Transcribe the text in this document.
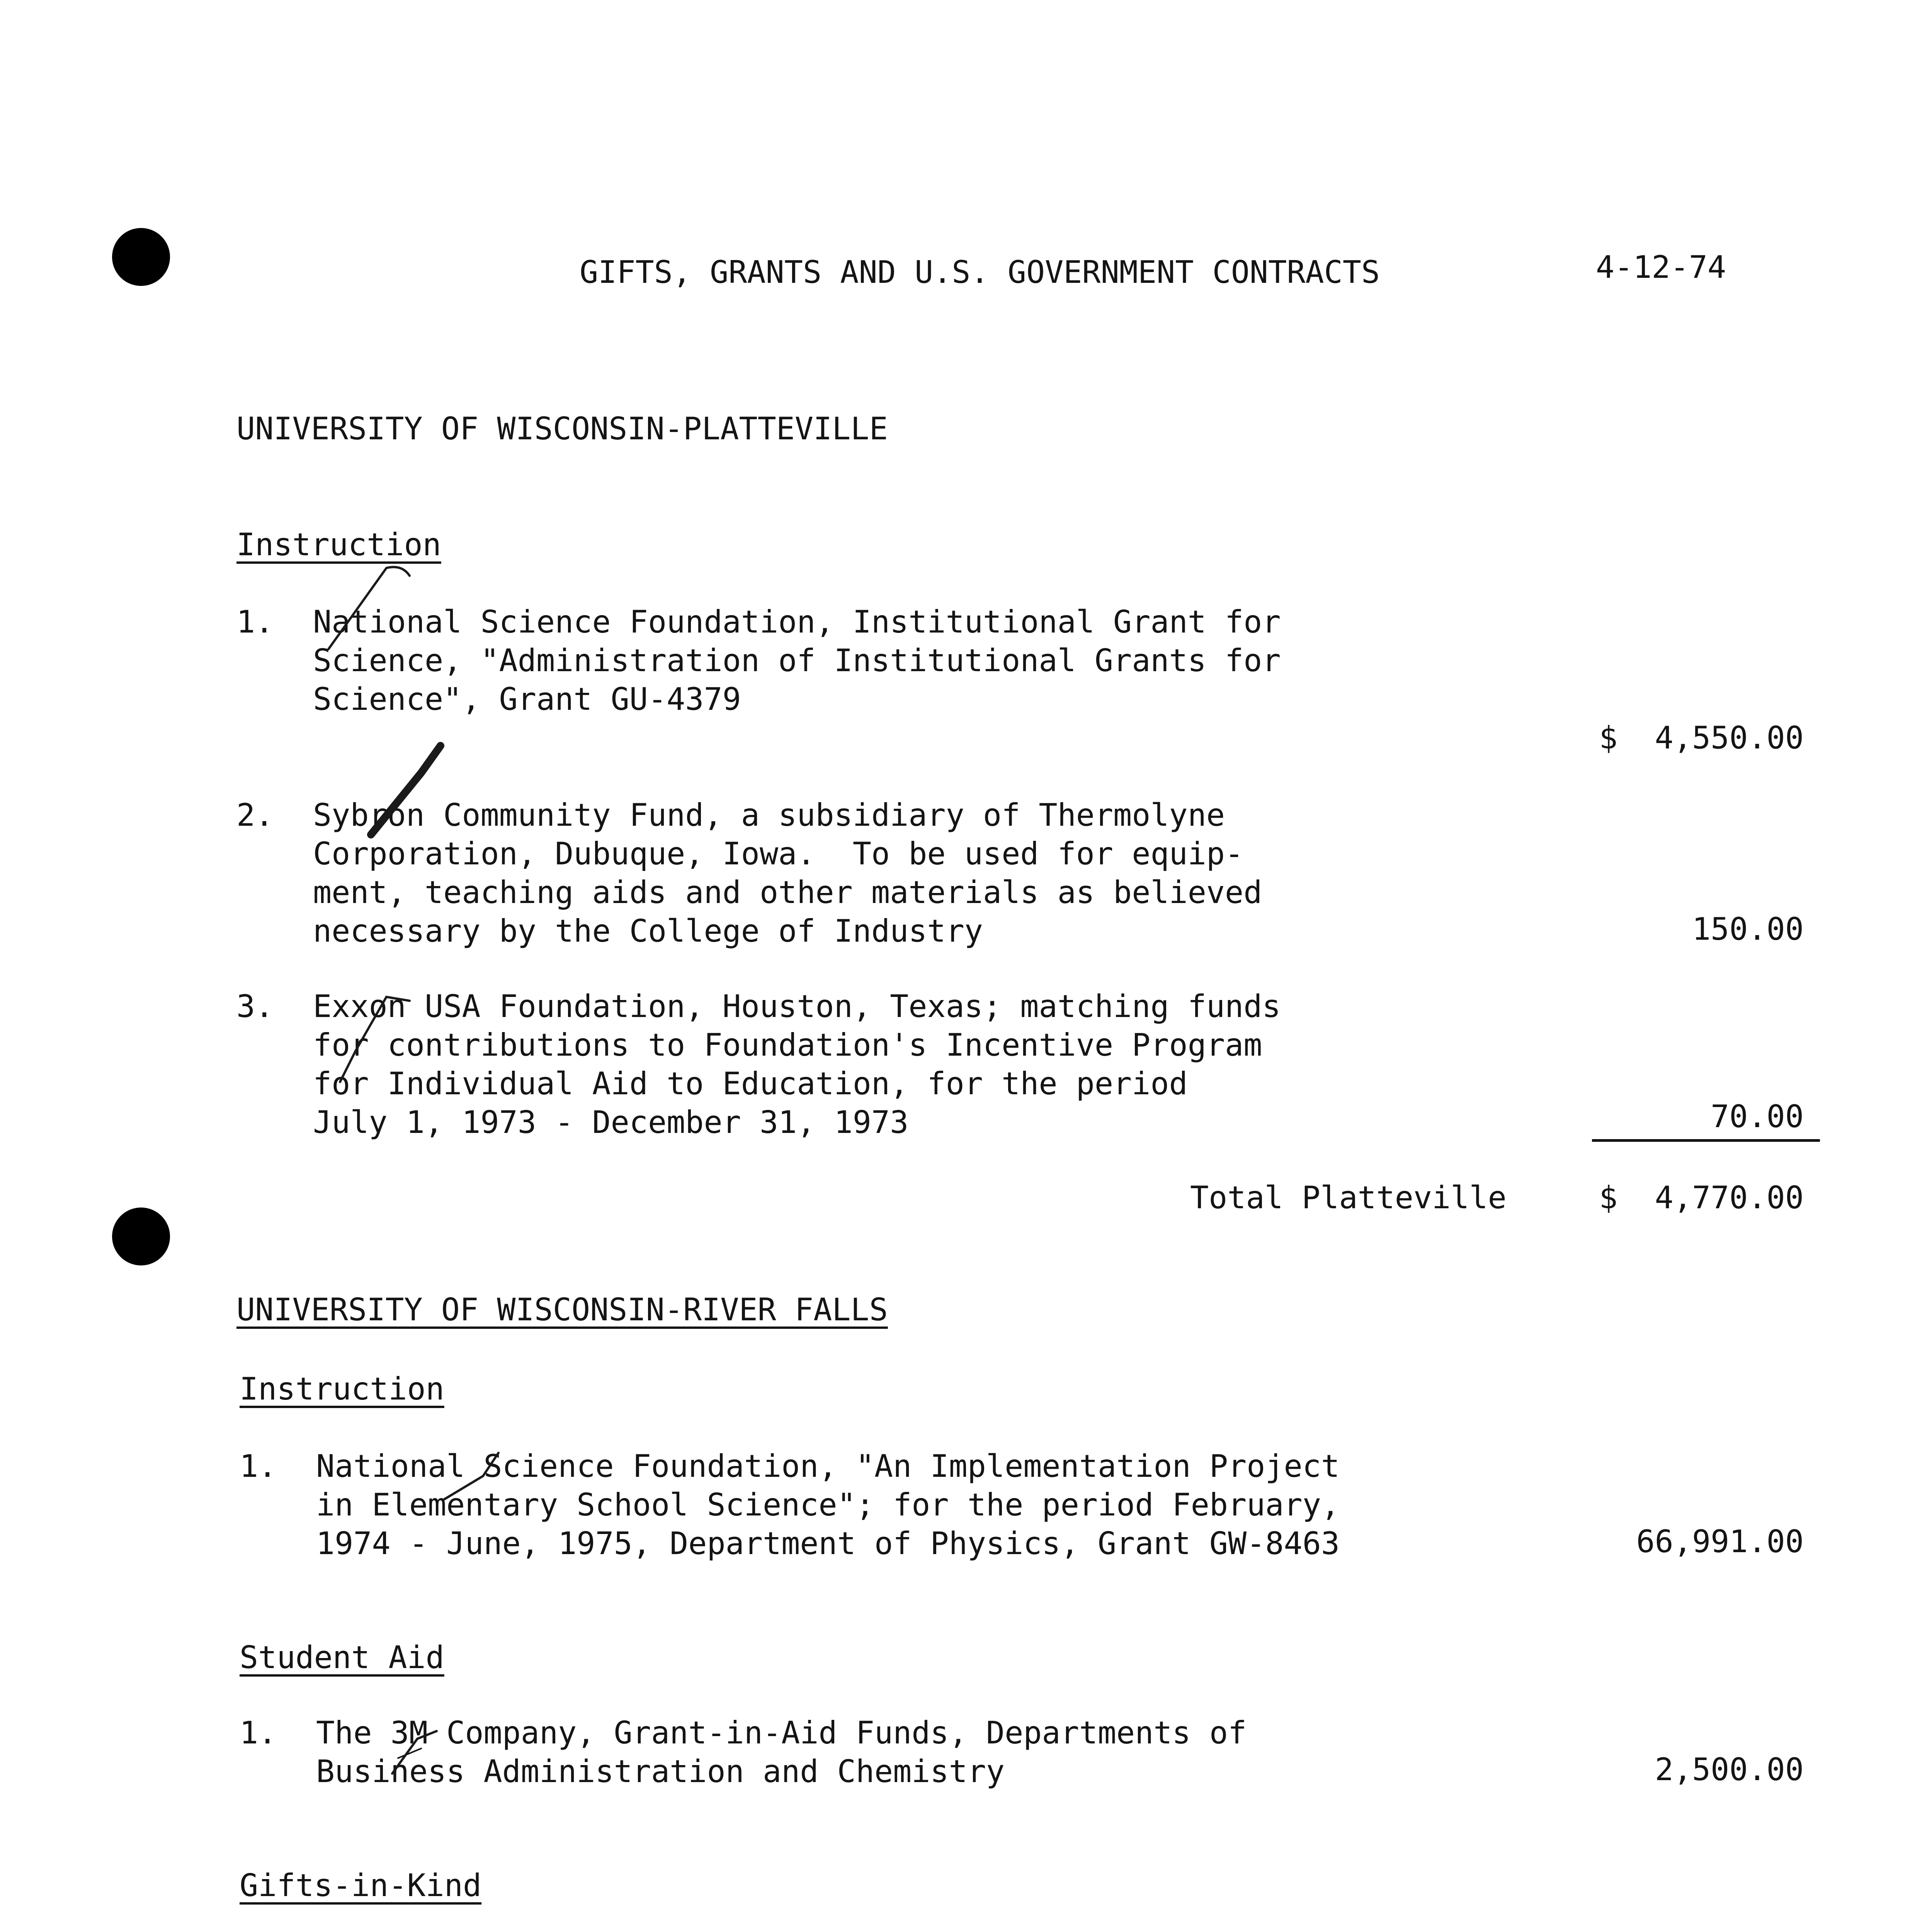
GIFTS, GRANTS AND U.S. GOVERNMENT CONTRACTS	4-12-74
UNIVERSITY OF WISCONSIN-PLATTEVILLE
Instruction
1. National Science Foundation, Institutional Grant for
Science, "Administration of Institutional Grants for
Science", Grant GU-4379
$  4,550.00
2. Sybron Community Fund, a subsidiary of Thermolyne
Corporation, Dubuque, Iowa.  To be used for equip-
ment, teaching aids and other materials as believed
necessary by the College of Industry	150.00
3. Exxon USA Foundation, Houston, Texas; matching funds
for contributions to Foundation's Incentive Program
for Individual Aid to Education, for the period
July 1, 1973 - December 31, 1973	70.00
Total Platteville	$  4,770.00
UNIVERSITY OF WISCONSIN-RIVER FALLS
Instruction
1. National Science Foundation, "An Implementation Project
in Elementary School Science"; for the period February,
1974 - June, 1975, Department of Physics, Grant GW-8463	66,991.00
Student Aid
1. The 3M Company, Grant-in-Aid Funds, Departments of
Business Administration and Chemistry	2,500.00
Gifts-in-Kind
